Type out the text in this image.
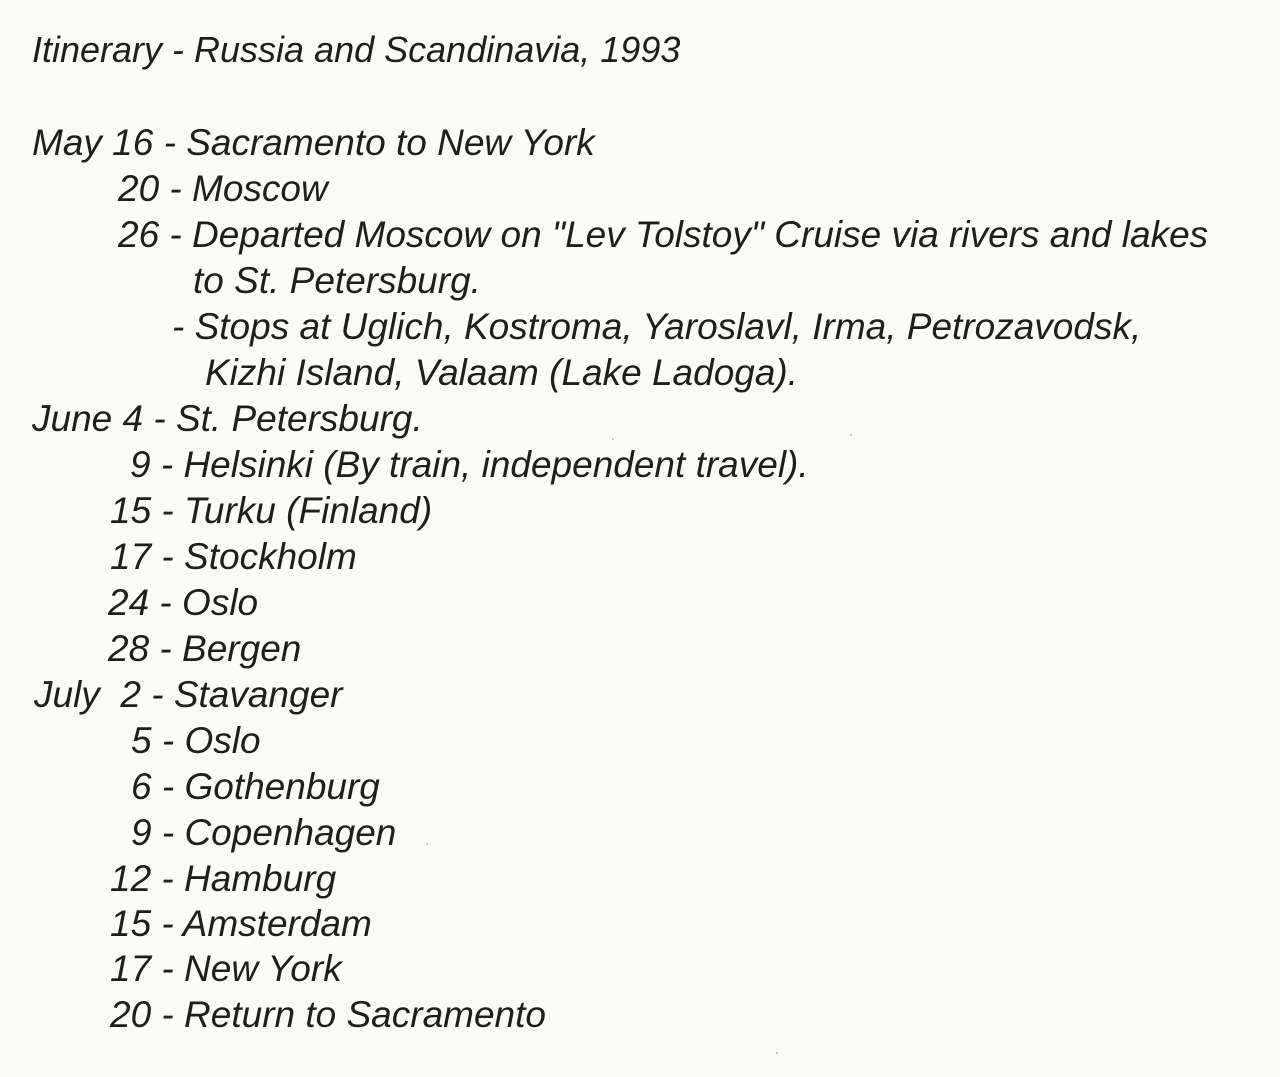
Itinerary - Russia and Scandinavia, 1993
May 16 - Sacramento to New York
20 - Moscow
26 - Departed Moscow on "Lev Tolstoy" Cruise via rivers and lakes
to St. Petersburg.
- Stops at Uglich, Kostroma, Yaroslavl, Irma, Petrozavodsk,
Kizhi Island, Valaam (Lake Ladoga).
June 4 - St. Petersburg.
9 - Helsinki (By train, independent travel).
15 - Turku (Finland)
17 - Stockholm
24 - Oslo
28 - Bergen
July  2 - Stavanger
5 - Oslo
6 - Gothenburg
9 - Copenhagen
12 - Hamburg
15 - Amsterdam
17 - New York
20 - Return to Sacramento
